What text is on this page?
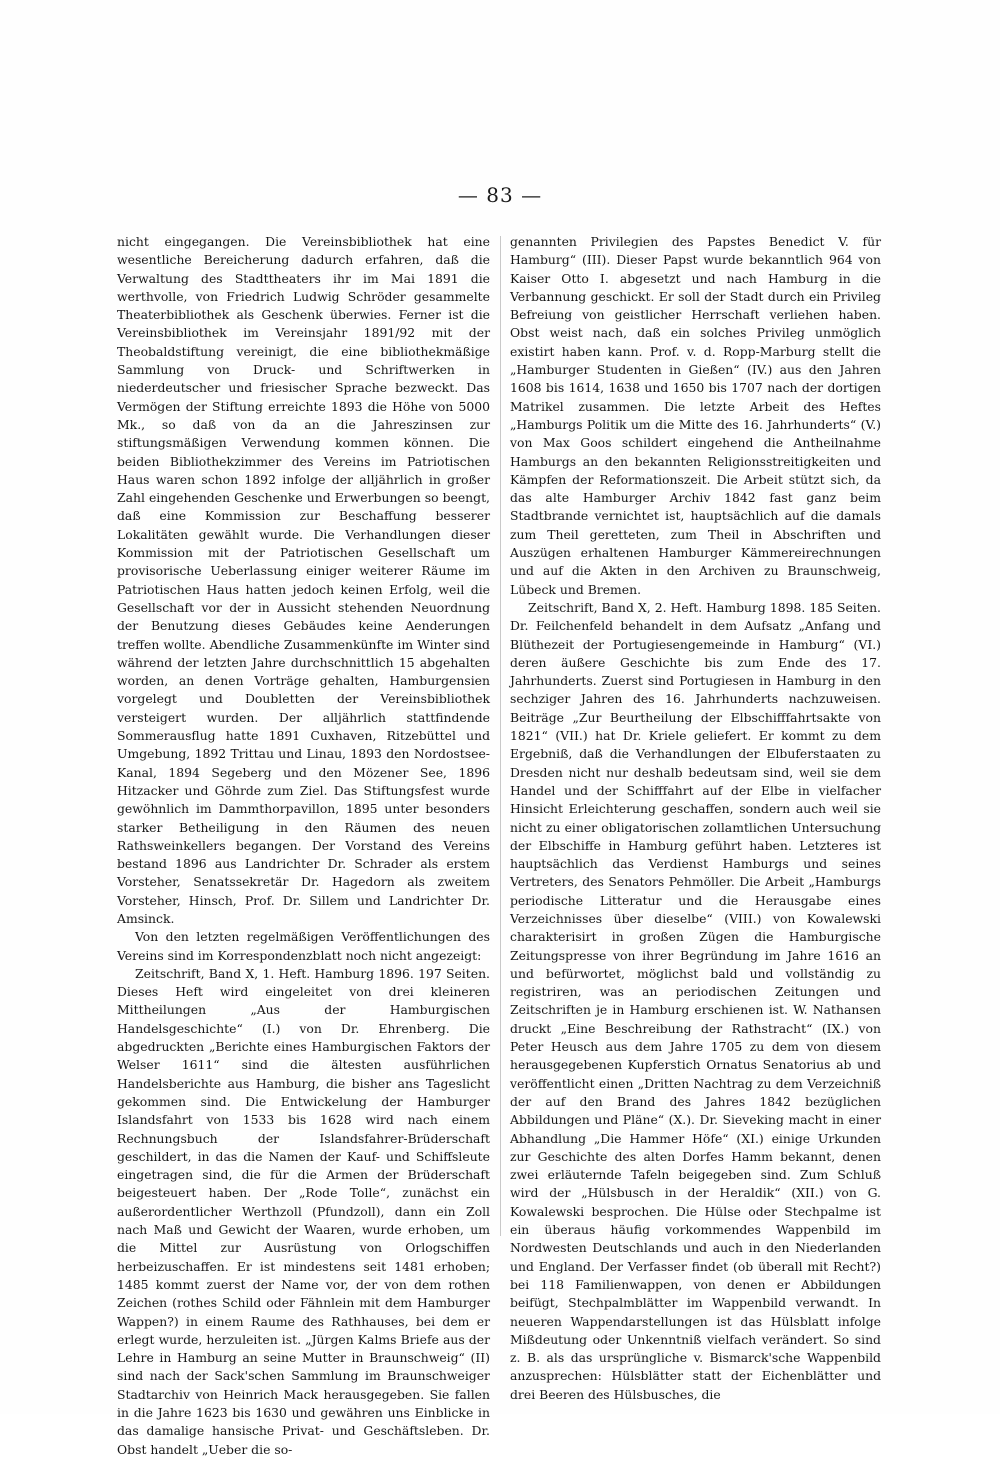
— 83 —

nicht eingegangen. Die Vereinsbibliothek hat eine wesentliche Bereicherung dadurch erfahren, daß die Verwaltung des Stadttheaters ihr im Mai 1891 die werthvolle, von Friedrich Ludwig Schröder gesammelte Theaterbibliothek als Geschenk überwies. Ferner ist die Vereinsbibliothek im Vereinsjahr 1891/92 mit der Theobaldstiftung vereinigt, die eine bibliothekmäßige Sammlung von Druck- und Schriftwerken in niederdeutscher und friesischer Sprache bezweckt. Das Vermögen der Stiftung erreichte 1893 die Höhe von 5000 Mk., so daß von da an die Jahreszinsen zur stiftungsmäßigen Verwendung kommen können. Die beiden Bibliothekzimmer des Vereins im Patriotischen Haus waren schon 1892 infolge der alljährlich in großer Zahl eingehenden Geschenke und Erwerbungen so beengt, daß eine Kommission zur Beschaffung besserer Lokalitäten gewählt wurde. Die Verhandlungen dieser Kommission mit der Patriotischen Gesellschaft um provisorische Ueberlassung einiger weiterer Räume im Patriotischen Haus hatten jedoch keinen Erfolg, weil die Gesellschaft vor der in Aussicht stehenden Neuordnung der Benutzung dieses Gebäudes keine Aenderungen treffen wollte. Abendliche Zusammenkünfte im Winter sind während der letzten Jahre durchschnittlich 15 abgehalten worden, an denen Vorträge gehalten, Hamburgensien vorgelegt und Doubletten der Vereinsbibliothek versteigert wurden. Der alljährlich stattfindende Sommerausflug hatte 1891 Cuxhaven, Ritzebüttel und Umgebung, 1892 Trittau und Linau, 1893 den Nordostsee-Kanal, 1894 Segeberg und den Mözener See, 1896 Hitzacker und Göhrde zum Ziel. Das Stiftungsfest wurde gewöhnlich im Dammthorpavillon, 1895 unter besonders starker Betheiligung in den Räumen des neuen Rathsweinkellers begangen. Der Vorstand des Vereins bestand 1896 aus Landrichter Dr. Schrader als erstem Vorsteher, Senatssekretär Dr. Hagedorn als zweitem Vorsteher, Hinsch, Prof. Dr. Sillem und Landrichter Dr. Amsinck.

Von den letzten regelmäßigen Veröffentlichungen des Vereins sind im Korrespondenzblatt noch nicht angezeigt:

Zeitschrift, Band X, 1. Heft. Hamburg 1896. 197 Seiten. Dieses Heft wird eingeleitet von drei kleineren Mittheilungen „Aus der Hamburgischen Handelsgeschichte“ (I.) von Dr. Ehrenberg. Die abgedruckten „Berichte eines Hamburgischen Faktors der Welser 1611“ sind die ältesten ausführlichen Handelsberichte aus Hamburg, die bisher ans Tageslicht gekommen sind. Die Entwickelung der Hamburger Islandsfahrt von 1533 bis 1628 wird nach einem Rechnungsbuch der Islandsfahrer-Brüderschaft geschildert, in das die Namen der Kauf- und Schiffsleute eingetragen sind, die für die Armen der Brüderschaft beigesteuert haben. Der „Rode Tolle“, zunächst ein außerordentlicher Werthzoll (Pfundzoll), dann ein Zoll nach Maß und Gewicht der Waaren, wurde erhoben, um die Mittel zur Ausrüstung von Orlogschiffen herbeizuschaffen. Er ist mindestens seit 1481 erhoben; 1485 kommt zuerst der Name vor, der von dem rothen Zeichen (rothes Schild oder Fähnlein mit dem Hamburger Wappen?) in einem Raume des Rathhauses, bei dem er erlegt wurde, herzuleiten ist. „Jürgen Kalms Briefe aus der Lehre in Hamburg an seine Mutter in Braunschweig“ (II) sind nach der Sack'schen Sammlung im Braunschweiger Stadtarchiv von Heinrich Mack herausgegeben. Sie fallen in die Jahre 1623 bis 1630 und gewähren uns Einblicke in das damalige hansische Privat- und Geschäftsleben. Dr. Obst handelt „Ueber die so-

genannten Privilegien des Papstes Benedict V. für Hamburg“ (III). Dieser Papst wurde bekanntlich 964 von Kaiser Otto I. abgesetzt und nach Hamburg in die Verbannung geschickt. Er soll der Stadt durch ein Privileg Befreiung von geistlicher Herrschaft verliehen haben. Obst weist nach, daß ein solches Privileg unmöglich existirt haben kann. Prof. v. d. Ropp-Marburg stellt die „Hamburger Studenten in Gießen“ (IV.) aus den Jahren 1608 bis 1614, 1638 und 1650 bis 1707 nach der dortigen Matrikel zusammen. Die letzte Arbeit des Heftes „Hamburgs Politik um die Mitte des 16. Jahrhunderts“ (V.) von Max Goos schildert eingehend die Antheilnahme Hamburgs an den bekannten Religionsstreitigkeiten und Kämpfen der Reformationszeit. Die Arbeit stützt sich, da das alte Hamburger Archiv 1842 fast ganz beim Stadtbrande vernichtet ist, hauptsächlich auf die damals zum Theil geretteten, zum Theil in Abschriften und Auszügen erhaltenen Hamburger Kämmereirechnungen und auf die Akten in den Archiven zu Braunschweig, Lübeck und Bremen.

Zeitschrift, Band X, 2. Heft. Hamburg 1898. 185 Seiten. Dr. Feilchenfeld behandelt in dem Aufsatz „Anfang und Blüthezeit der Portugiesengemeinde in Hamburg“ (VI.) deren äußere Geschichte bis zum Ende des 17. Jahrhunderts. Zuerst sind Portugiesen in Hamburg in den sechziger Jahren des 16. Jahrhunderts nachzuweisen. Beiträge „Zur Beurtheilung der Elbschifffahrtsakte von 1821“ (VII.) hat Dr. Kriele geliefert. Er kommt zu dem Ergebniß, daß die Verhandlungen der Elbuferstaaten zu Dresden nicht nur deshalb bedeutsam sind, weil sie dem Handel und der Schifffahrt auf der Elbe in vielfacher Hinsicht Erleichterung geschaffen, sondern auch weil sie nicht zu einer obligatorischen zollamtlichen Untersuchung der Elbschiffe in Hamburg geführt haben. Letzteres ist hauptsächlich das Verdienst Hamburgs und seines Vertreters, des Senators Pehmöller. Die Arbeit „Hamburgs periodische Litteratur und die Herausgabe eines Verzeichnisses über dieselbe“ (VIII.) von Kowalewski charakterisirt in großen Zügen die Hamburgische Zeitungspresse von ihrer Begründung im Jahre 1616 an und befürwortet, möglichst bald und vollständig zu registriren, was an periodischen Zeitungen und Zeitschriften je in Hamburg erschienen ist. W. Nathansen druckt „Eine Beschreibung der Rathstracht“ (IX.) von Peter Heusch aus dem Jahre 1705 zu dem von diesem herausgegebenen Kupferstich Ornatus Senatorius ab und veröffentlicht einen „Dritten Nachtrag zu dem Verzeichniß der auf den Brand des Jahres 1842 bezüglichen Abbildungen und Pläne“ (X.). Dr. Sieveking macht in einer Abhandlung „Die Hammer Höfe“ (XI.) einige Urkunden zur Geschichte des alten Dorfes Hamm bekannt, denen zwei erläuternde Tafeln beigegeben sind. Zum Schluß wird der „Hülsbusch in der Heraldik“ (XII.) von G. Kowalewski besprochen. Die Hülse oder Stechpalme ist ein überaus häufig vorkommendes Wappenbild im Nordwesten Deutschlands und auch in den Niederlanden und England. Der Verfasser findet (ob überall mit Recht?) bei 118 Familienwappen, von denen er Abbildungen beifügt, Stechpalmblätter im Wappenbild verwandt. In neueren Wappendarstellungen ist das Hülsblatt infolge Mißdeutung oder Unkenntniß vielfach verändert. So sind z. B. als das ursprüngliche v. Bismarck'sche Wappenbild anzusprechen: Hülsblätter statt der Eichenblätter und drei Beeren des Hülsbusches, die
